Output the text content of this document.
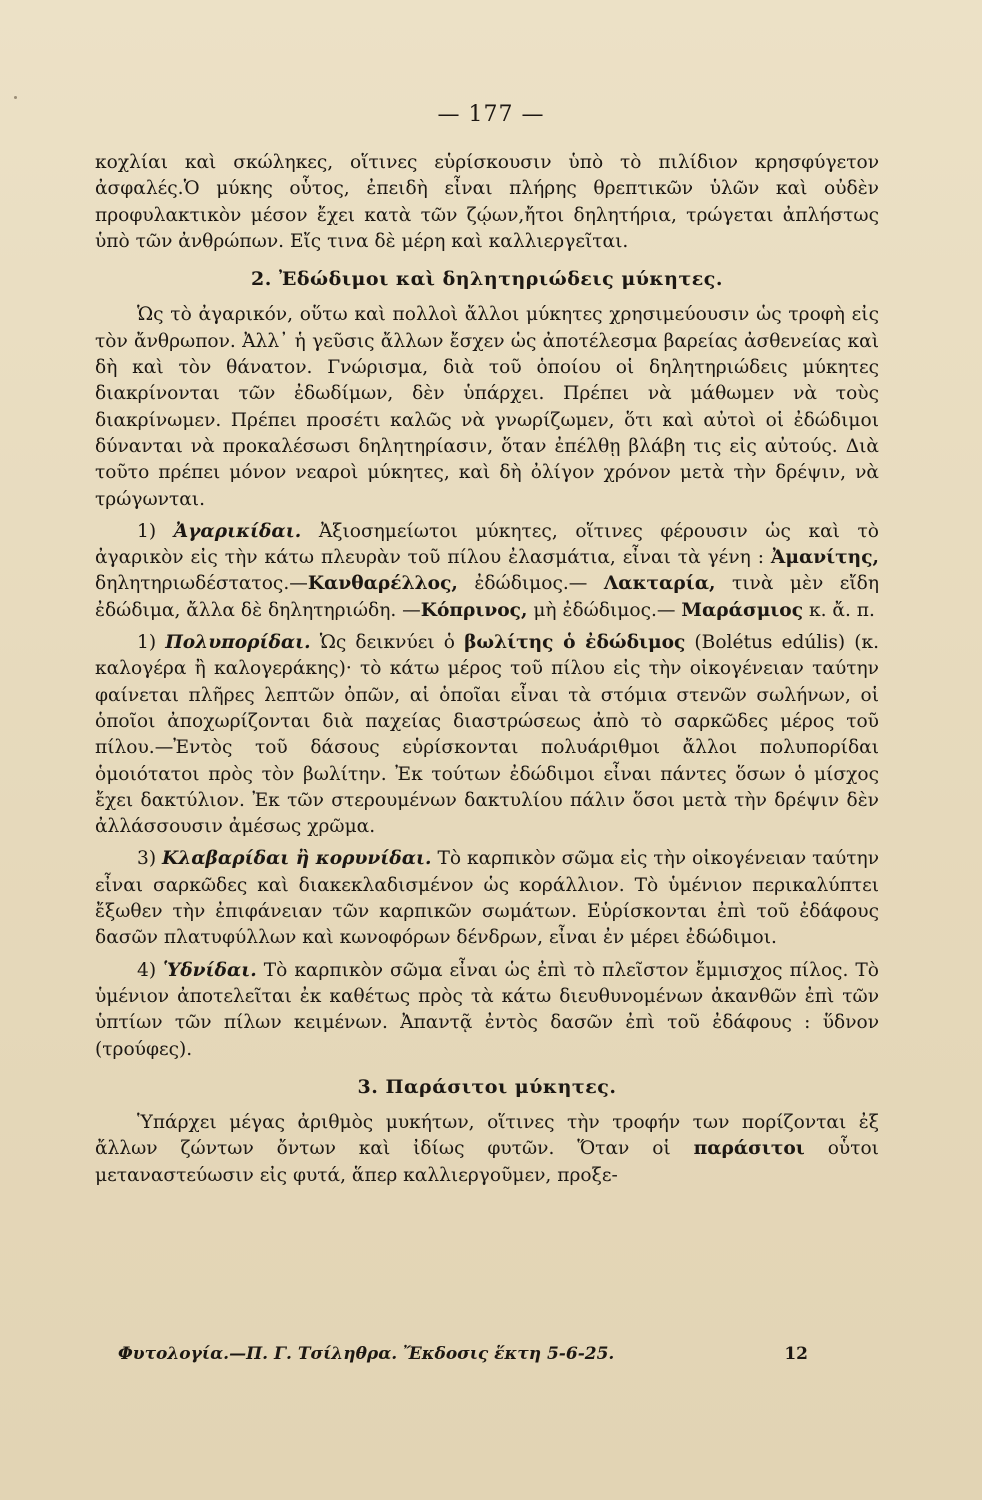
— 177 —

κοχλίαι καὶ σκώληκες, οἵτινες εὑρίσκουσιν ὑπὸ τὸ πιλίδιον κρησφύγετον ἀσφαλές.Ὁ μύκης οὗτος, ἐπειδὴ εἶναι πλήρης θρεπτικῶν ὑλῶν καὶ οὐδὲν προφυλακτικὸν μέσον ἔχει κατὰ τῶν ζῴων,ἤτοι δηλητήρια, τρώγεται ἀπλήστως ὑπὸ τῶν ἀνθρώπων. Εἴς τινα δὲ μέρη καὶ καλλιεργεῖται.

2. Ἐδώδιμοι καὶ δηλητηριώδεις μύκητες.

Ὡς τὸ ἀγαρικόν, οὕτω καὶ πολλοὶ ἄλλοι μύκητες χρησιμεύουσιν ὡς τροφὴ εἰς τὸν ἄνθρωπον. Ἀλλ᾽ ἡ γεῦσις ἄλλων ἔσχεν ὡς ἀποτέλεσμα βαρείας ἀσθενείας καὶ δὴ καὶ τὸν θάνατον. Γνώρισμα, διὰ τοῦ ὁποίου οἱ δηλητηριώδεις μύκητες διακρίνονται τῶν ἐδωδίμων, δὲν ὑπάρχει. Πρέπει νὰ μάθωμεν νὰ τοὺς διακρίνωμεν. Πρέπει προσέτι καλῶς νὰ γνωρίζωμεν, ὅτι καὶ αὐτοὶ οἱ ἐδώδιμοι δύνανται νὰ προκαλέσωσι δηλητηρίασιν, ὅταν ἐπέλθῃ βλάβη τις εἰς αὐτούς. Διὰ τοῦτο πρέπει μόνον νεαροὶ μύκητες, καὶ δὴ ὀλίγον χρόνον μετὰ τὴν δρέψιν, νὰ τρώγωνται.

1) Ἀγαρικίδαι. Ἀξιοσημείωτοι μύκητες, οἵτινες φέρουσιν ὡς καὶ τὸ ἀγαρικὸν εἰς τὴν κάτω πλευρὰν τοῦ πίλου ἐλασμάτια, εἶναι τὰ γένη : Ἀμανίτης, δηλητηριωδέστατος.—Κανθαρέλλος, ἐδώδιμος.— Λακταρία, τινὰ μὲν εἴδη ἐδώδιμα, ἄλλα δὲ δηλητηριώδη. —Κόπρινος, μὴ ἐδώδιμος.— Μαράσμιος κ. ἄ. π.

1) Πολυπορίδαι. Ὡς δεικνύει ὁ βωλίτης ὁ ἐδώδιμος (Bolétus edúlis) (κ. καλογέρα ἢ καλογεράκης)· τὸ κάτω μέρος τοῦ πίλου εἰς τὴν οἰκογένειαν ταύτην φαίνεται πλῆρες λεπτῶν ὀπῶν, αἱ ὁποῖαι εἶναι τὰ στόμια στενῶν σωλήνων, οἱ ὁποῖοι ἀποχωρίζονται διὰ παχείας διαστρώσεως ἀπὸ τὸ σαρκῶδες μέρος τοῦ πίλου.—Ἐντὸς τοῦ δάσους εὑρίσκονται πολυάριθμοι ἄλλοι πολυπορίδαι ὁμοιότατοι πρὸς τὸν βωλίτην. Ἐκ τούτων ἐδώδιμοι εἶναι πάντες ὅσων ὁ μίσχος ἔχει δακτύλιον. Ἐκ τῶν στερουμένων δακτυλίου πάλιν ὅσοι μετὰ τὴν δρέψιν δὲν ἀλλάσσουσιν ἀμέσως χρῶμα.

3) Κλαβαρίδαι ἢ κορυνίδαι. Τὸ καρπικὸν σῶμα εἰς τὴν οἰκογένειαν ταύτην εἶναι σαρκῶδες καὶ διακεκλαδισμένον ὡς κοράλλιον. Τὸ ὑμένιον περικαλύπτει ἔξωθεν τὴν ἐπιφάνειαν τῶν καρπικῶν σωμάτων. Εὑρίσκονται ἐπὶ τοῦ ἐδάφους δασῶν πλατυφύλλων καὶ κωνοφόρων δένδρων, εἶναι ἐν μέρει ἐδώδιμοι.

4) Ὑδνίδαι. Τὸ καρπικὸν σῶμα εἶναι ὡς ἐπὶ τὸ πλεῖστον ἔμμισχος πίλος. Τὸ ὑμένιον ἀποτελεῖται ἐκ καθέτως πρὸς τὰ κάτω διευθυνομένων ἀκανθῶν ἐπὶ τῶν ὑπτίων τῶν πίλων κειμένων. Ἀπαντᾷ ἐντὸς δασῶν ἐπὶ τοῦ ἐδάφους : ὕδνον (τρούφες).

3. Παράσιτοι μύκητες.

Ὑπάρχει μέγας ἀριθμὸς μυκήτων, οἵτινες τὴν τροφήν των πορίζονται ἐξ ἄλλων ζώντων ὄντων καὶ ἰδίως φυτῶν. Ὅταν οἱ παράσιτοι οὗτοι μεταναστεύωσιν εἰς φυτά, ἅπερ καλλιεργοῦμεν, προξε-

Φυτολογία.—Π. Γ. Τσίληθρα. Ἔκδοσις ἕκτη 5-6-25.	12
